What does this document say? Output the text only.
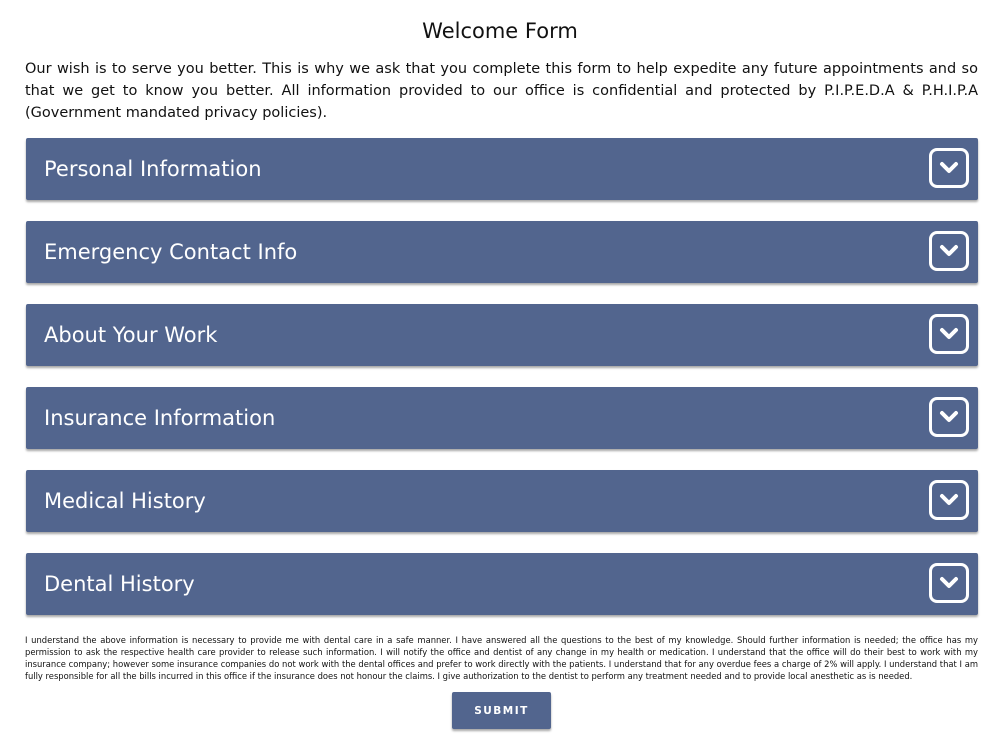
Welcome Form
Our wish is to serve you better. This is why we ask that you complete this form to help expedite any future appointments and so that we get to know you better. All information provided to our office is confidential and protected by P.I.P.E.D.A & P.H.I.P.A (Government mandated privacy policies).
Personal Information
Emergency Contact Info
About Your Work
Insurance Information
Medical History
Dental History
I understand the above information is necessary to provide me with dental care in a safe manner. I have answered all the questions to the best of my knowledge. Should further information is needed; the office has my permission to ask the respective health care provider to release such information. I will notify the office and dentist of any change in my health or medication. I understand that the office will do their best to work with my insurance company; however some insurance companies do not work with the dental offices and prefer to work directly with the patients. I understand that for any overdue fees a charge of 2% will apply. I understand that I am fully responsible for all the bills incurred in this office if the insurance does not honour the claims. I give authorization to the dentist to perform any treatment needed and to provide local anesthetic as is needed.
SUBMIT
